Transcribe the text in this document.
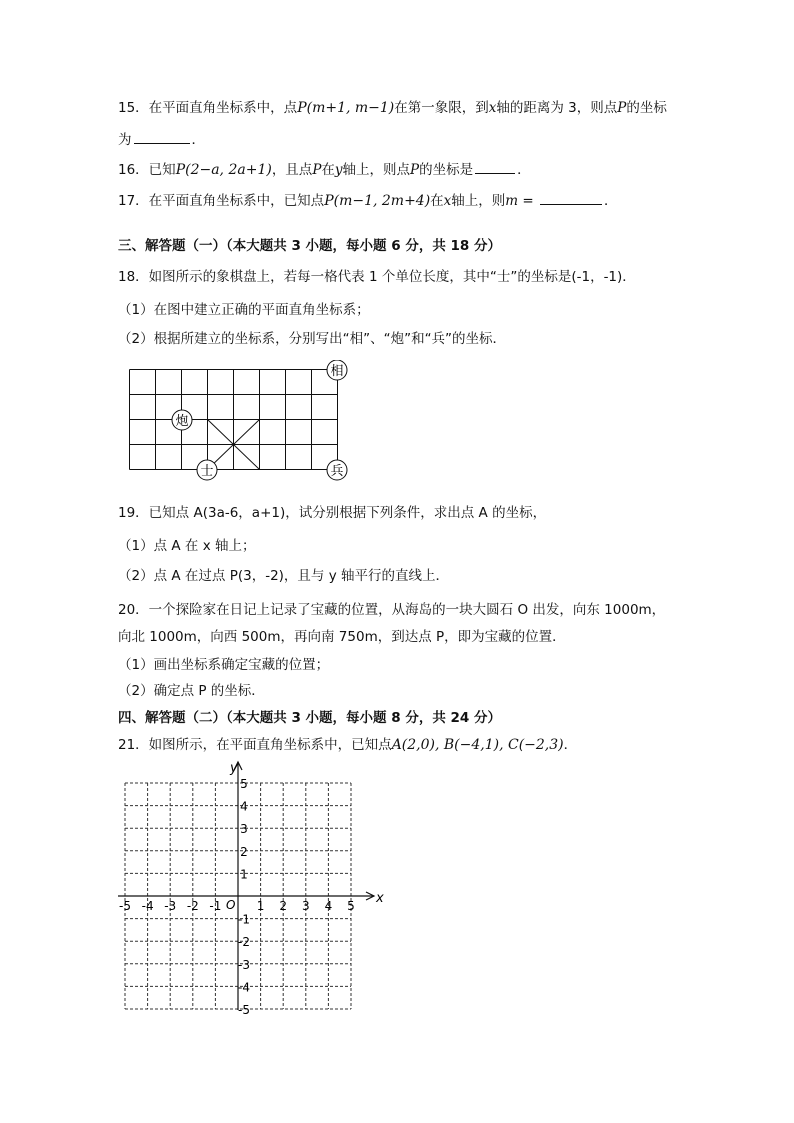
15．在平面直角坐标系中，点P(m+1, m−1)在第一象限，到x轴的距离为 3，则点P的坐标
为	．
16．已知P(2−a, 2a+1)，且点P在y轴上，则点P的坐标是	．
17．在平面直角坐标系中，已知点P(m−1, 2m+4)在x轴上，则m =	．
三、解答题（一）（本大题共 3 小题，每小题 6 分，共 18 分）
18．如图所示的象棋盘上，若每一格代表 1 个单位长度，其中“士”的坐标是(-1，-1)．
（1）在图中建立正确的平面直角坐标系；
（2）根据所建立的坐标系，分别写出“相”、“炮”和“兵”的坐标．
相
炮
士	兵
19．已知点 A(3a-6，a+1)，试分别根据下列条件，求出点 A 的坐标，
（1）点 A 在 x 轴上；
（2）点 A 在过点 P(3，-2)，且与 y 轴平行的直线上．
20．一个探险家在日记上记录了宝藏的位置，从海岛的一块大圆石 O 出发，向东 1000m，
向北 1000m，向西 500m，再向南 750m，到达点 P，即为宝藏的位置．
（1）画出坐标系确定宝藏的位置；
（2）确定点 P 的坐标．
四、解答题（二）（本大题共 3 小题，每小题 8 分，共 24 分）
21．如图所示，在平面直角坐标系中，已知点A(2,0), B(−4,1), C(−2,3)．
x
y
O
-5 -4 -3 -2 -1	1 2 3 4 5
5
4
3
2
1
-1
-2
-3
-4
-5
